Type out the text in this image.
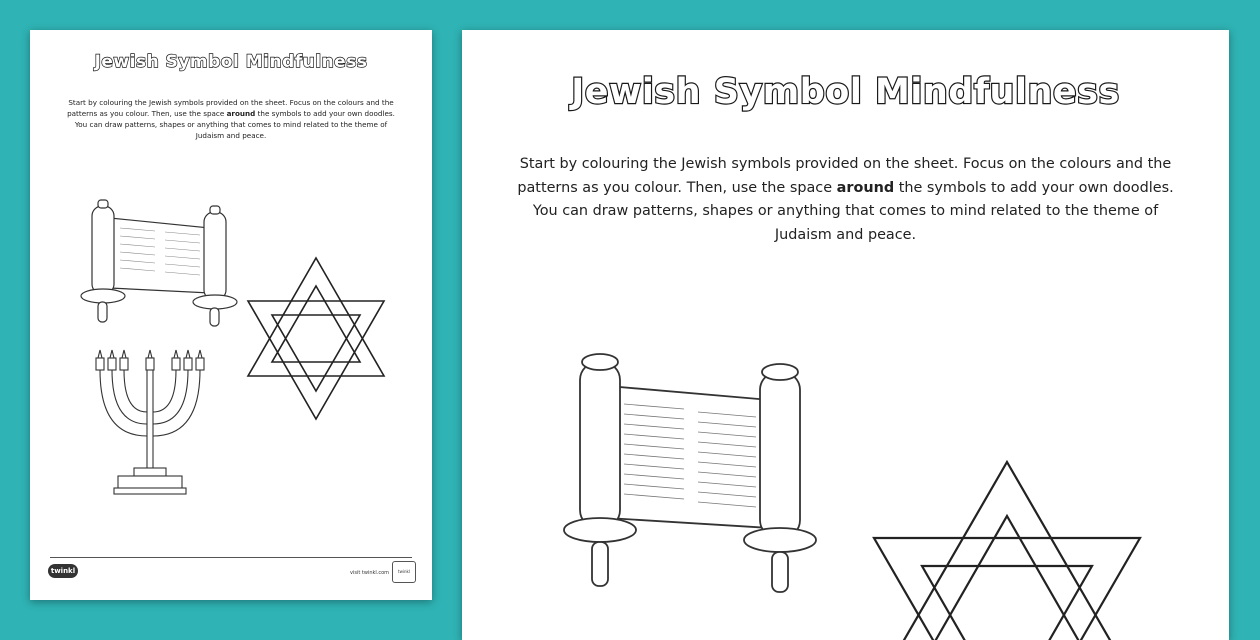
Jewish Symbol Mindfulness
Start by colouring the Jewish symbols provided on the sheet. Focus on the colours and the patterns as you colour. Then, use the space around the symbols to add your own doodles. You can draw patterns, shapes or anything that comes to mind related to the theme of Judaism and peace.
twinkl	visit twinkl.com	twinkl
Jewish Symbol Mindfulness
Start by colouring the Jewish symbols provided on the sheet. Focus on the colours and the patterns as you colour. Then, use the space around the symbols to add your own doodles. You can draw patterns, shapes or anything that comes to mind related to the theme of Judaism and peace.
